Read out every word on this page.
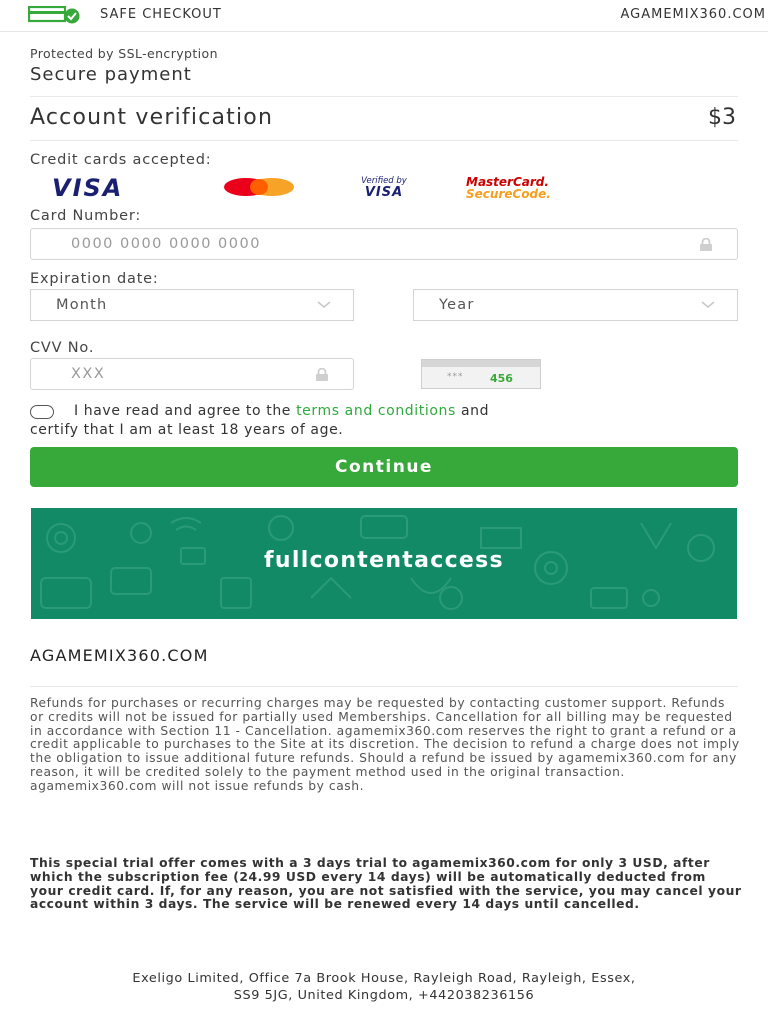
SAFE CHECKOUT	AGAMEMIX360.COM
Protected by SSL-encryption
Secure payment
Account verification	$3
Credit cards accepted:
VISA	Verified by
VISA
MasterCard.
SecureCode.
Card Number:
0000 0000 0000 0000
Expiration date:
Month	Year
CVV No.
XXX	*** 456
I have read and agree to the terms and conditions and
certify that I am at least 18 years of age.
Continue
fullcontentaccess
AGAMEMIX360.COM
Refunds for purchases or recurring charges may be requested by contacting customer support. Refunds or credits will not be issued for partially used Memberships. Cancellation for all billing may be requested in accordance with Section 11 - Cancellation. agamemix360.com reserves the right to grant a refund or a credit applicable to purchases to the Site at its discretion. The decision to refund a charge does not imply the obligation to issue additional future refunds. Should a refund be issued by agamemix360.com for any reason, it will be credited solely to the payment method used in the original transaction. agamemix360.com will not issue refunds by cash.
This special trial offer comes with a 3 days trial to agamemix360.com for only 3 USD, after which the subscription fee (24.99 USD every 14 days) will be automatically deducted from your credit card. If, for any reason, you are not satisfied with the service, you may cancel your account within 3 days. The service will be renewed every 14 days until cancelled.
Exeligo Limited, Office 7a Brook House, Rayleigh Road, Rayleigh, Essex,
SS9 5JG, United Kingdom, +442038236156
